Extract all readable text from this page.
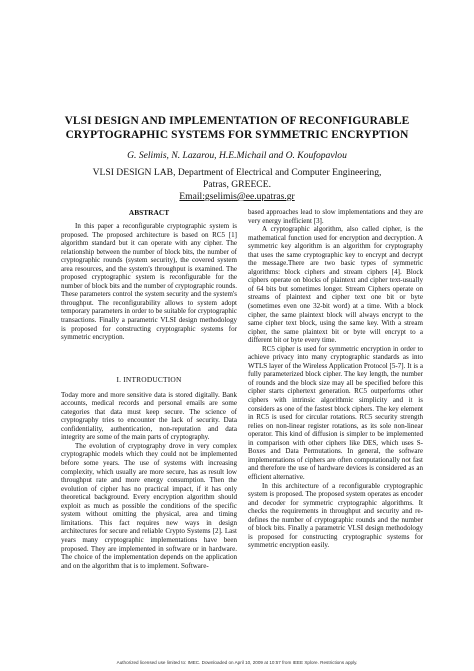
VLSI DESIGN AND IMPLEMENTATION OF RECONFIGURABLE
CRYPTOGRAPHIC SYSTEMS FOR SYMMETRIC ENCRYPTION
G. Selimis, N. Lazarou, H.E.Michail and O. Koufopavlou
VLSI DESIGN LAB, Department of Electrical and Computer Engineering,
Patras, GREECE.
Email:gselimis@ee.upatras.gr
ABSTRACT

In this paper a reconfigurable cryptographic system is proposed. The proposed architecture is based on RC5 [1] algorithm standard but it can operate with any cipher. The relationship between the number of block bits, the number of cryptographic rounds (system security), the covered system area resources, and the system's throughput is examined. The proposed cryptographic system is reconfigurable for the number of block bits and the number of cryptographic rounds. These parameters control the system security and the system's throughput. The reconfigurability allows to system adopt temporary parameters in order to be suitable for cryptographic transactions. Finally a parametric VLSI design methodology is proposed for constructing cryptographic systems for symmetric encryption.

I. INTRODUCTION

Today more and more sensitive data is stored digitally. Bank accounts, medical records and personal emails are some categories that data must keep secure. The science of cryptography tries to encounter the lack of security. Data confidentiality, authentication, non-reputation and data integrity are some of the main parts of cryptography.

The evolution of cryptography drove in very complex cryptographic models which they could not be implemented before some years. The use of systems with increasing complexity, which usually are more secure, has as result low throughput rate and more energy consumption. Then the evolution of cipher has no practical impact, if it has only theoretical background. Every encryption algorithm should exploit as much as possible the conditions of the specific system without omitting the physical, area and timing limitations. This fact requires new ways in design architectures for secure and reliable Crypto Systems [2]. Last years many cryptographic implementations have been proposed. They are implemented in software or in hardware. The choice of the implementation depends on the application and on the algorithm that is to implement. Software-

based approaches lead to slow implementations and they are very energy inefficient [3].

A cryptographic algorithm, also called cipher, is the mathematical function used for encryption and decryption. A symmetric key algorithm is an algorithm for cryptography that uses the same cryptographic key to encrypt and decrypt the message.There are two basic types of symmetric algorithms: block ciphers and stream ciphers [4]. Block ciphers operate on blocks of plaintext and cipher text-usually of 64 bits but sometimes longer. Stream Ciphers operate on streams of plaintext and cipher text one bit or byte (sometimes even one 32-bit word) at a time. With a block cipher, the same plaintext block will always encrypt to the same cipher text block, using the same key. With a stream cipher, the same plaintext bit or byte will encrypt to a different bit or byte every time.

RC5 cipher is used for symmetric encryption in order to achieve privacy into many cryptographic standards as into WTLS layer of the Wireless Application Protocol [5-7]. It is a fully parameterized block cipher. The key length, the number of rounds and the block size may all be specified before this cipher starts ciphertext generation. RC5 outperforms other ciphers with intrinsic algorithmic simplicity and it is considers as one of the fastest block ciphers. The key element in RC5 is used for circular rotations. RC5 security strength relies on non-linear register rotations, as its sole non-linear operator. This kind of diffusion is simpler to be implemented in comparison with other ciphers like DES, which uses S-Boxes and Data Permutations. In general, the software implementations of ciphers are often computationally not fast and therefore the use of hardware devices is considered as an efficient alternative.

In this architecture of a reconfigurable cryptographic system is proposed. The proposed system operates as encoder and decoder for symmetric cryptographic algorithms. It checks the requirements in throughput and security and re-defines the number of cryptographic rounds and the number of block bits. Finally a parametric VLSI design methodology is proposed for constructing cryptographic systems for symmetric encryption easily.

Authorized licensed use limited to: IMEC. Downloaded on April 10, 2009 at 10:57 from IEEE Xplore. Restrictions apply.
